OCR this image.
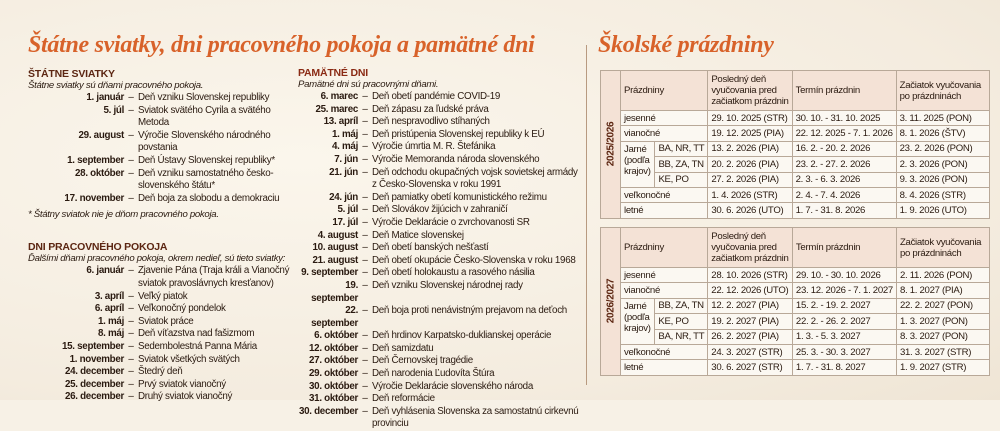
Štátne sviatky, dni pracovného pokoja a pamätné dni	Školské prázdniny
ŠTÁTNE SVIATKY
Štátne sviatky sú dňami pracovného pokoja.
1. január – Deň vzniku Slovenskej republiky
5. júl – Sviatok svätého Cyrila a svätého Metoda
29. august – Výročie Slovenského národného povstania
1. september – Deň Ústavy Slovenskej republiky*
28. október – Deň vzniku samostatného česko-slovenského štátu*
17. november – Deň boja za slobodu a demokraciu
* Štátny sviatok nie je dňom pracovného pokoja.
DNI PRACOVNÉHO POKOJA
Ďalšími dňami pracovného pokoja, okrem nedieľ, sú tieto sviatky:
6. január – Zjavenie Pána (Traja králi a Vianočný sviatok pravoslávnych kresťanov)
3. apríl – Veľký piatok
6. apríl – Veľkonočný pondelok
1. máj – Sviatok práce
8. máj – Deň víťazstva nad fašizmom
15. september – Sedembolestná Panna Mária
1. november – Sviatok všetkých svätých
24. december – Štedrý deň
25. december – Prvý sviatok vianočný
26. december – Druhý sviatok vianočný
PAMÄTNÉ DNI
Pamätné dni sú pracovnými dňami.
6. marec – Deň obetí pandémie COVID-19
25. marec – Deň zápasu za ľudské práva
13. apríl – Deň nespravodlivo stíhaných
1. máj – Deň pristúpenia Slovenskej republiky k EÚ
4. máj – Výročie úmrtia M. R. Štefánika
7. jún – Výročie Memoranda národa slovenského
21. jún – Deň odchodu okupačných vojsk sovietskej armády z Česko-Slovenska v roku 1991
24. jún – Deň pamiatky obetí komunistického režimu
5. júl – Deň Slovákov žijúcich v zahraničí
17. júl – Výročie Deklarácie o zvrchovanosti SR
4. august – Deň Matice slovenskej
10. august – Deň obetí banských nešťastí
21. august – Deň obetí okupácie Česko-Slovenska v roku 1968
9. september – Deň obetí holokaustu a rasového násilia
19. september
– Deň vzniku Slovenskej národnej rady
22. september
– Deň boja proti nenávistným prejavom na deťoch
6. október – Deň hrdinov Karpatsko-duklianskej operácie
12. október – Deň samizdatu
27. október – Deň Černovskej tragédie
29. október – Deň narodenia Ľudovíta Štúra
30. október – Výročie Deklarácie slovenského národa
31. október – Deň reformácie
30. december – Deň vyhlásenia Slovenska za samostatnú cirkevnú provinciu
2025/2026	Prázdniny		Posledný deň vyučovania pred začiatkom prázdnin	Termín prázdnin	Začiatok vyučovania po prázdninách
	jesenné		29. 10. 2025 (STR)	30. 10. - 31. 10. 2025	3. 11. 2025 (PON)
	vianočné		19. 12. 2025 (PIA)	22. 12. 2025 - 7. 1. 2026	8. 1. 2026 (ŠTV)
	Jarné (podľa krajov)	BA, NR, TT	13. 2. 2026 (PIA)	16. 2. - 20. 2. 2026	23. 2. 2026 (PON)
		BB, ZA, TN	20. 2. 2026 (PIA)	23. 2. - 27. 2. 2026	2. 3. 2026 (PON)
		KE, PO	27. 2. 2026 (PIA)	2. 3. - 6. 3. 2026	9. 3. 2026 (PON)
	veľkonočné		1. 4. 2026 (STR)	2. 4. - 7. 4. 2026	8. 4. 2026 (STR)
	letné		30. 6. 2026 (UTO)	1. 7. - 31. 8. 2026	1. 9. 2026 (UTO)
2026/2027	Prázdniny		Posledný deň vyučovania pred začiatkom prázdnin	Termín prázdnin	Začiatok vyučovania po prázdninách
	jesenné		28. 10. 2026 (STR)	29. 10. - 30. 10. 2026	2. 11. 2026 (PON)
	vianočné		22. 12. 2026 (UTO)	23. 12. 2026 - 7. 1. 2027	8. 1. 2027 (PIA)
	Jarné (podľa krajov)	BB, ZA, TN	12. 2. 2027 (PIA)	15. 2. - 19. 2. 2027	22. 2. 2027 (PON)
		KE, PO	19. 2. 2027 (PIA)	22. 2. - 26. 2. 2027	1. 3. 2027 (PON)
		BA, NR, TT	26. 2. 2027 (PIA)	1. 3. - 5. 3. 2027	8. 3. 2027 (PON)
	veľkonočné		24. 3. 2027 (STR)	25. 3. - 30. 3. 2027	31. 3. 2027 (STR)
	letné		30. 6. 2027 (STR)	1. 7. - 31. 8. 2027	1. 9. 2027 (STR)
